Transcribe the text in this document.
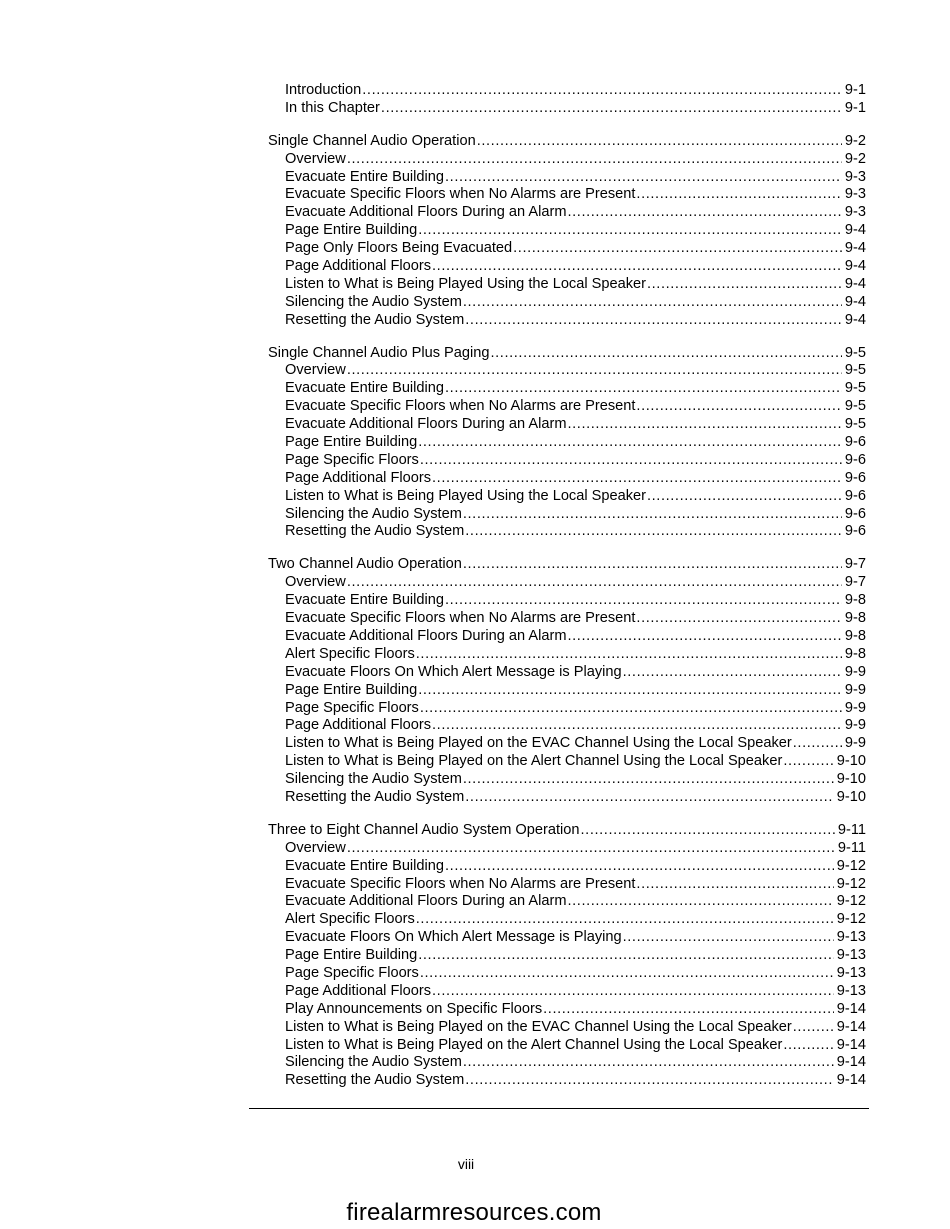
Introduction .....	9-1
In this Chapter .....	9-1
Single Channel Audio Operation .....	9-2
Overview .....	9-2
Evacuate Entire Building .....	9-3
Evacuate Specific Floors when No Alarms are Present .....	9-3
Evacuate Additional Floors During an Alarm .....	9-3
Page Entire Building .....	9-4
Page Only Floors Being Evacuated .....	9-4
Page Additional Floors .....	9-4
Listen to What is Being Played Using the Local Speaker .....	9-4
Silencing the Audio System .....	9-4
Resetting the Audio System .....	9-4
Single Channel Audio Plus Paging .....	9-5
Overview .....	9-5
Evacuate Entire Building .....	9-5
Evacuate Specific Floors when No Alarms are Present .....	9-5
Evacuate Additional Floors During an Alarm .....	9-5
Page Entire Building .....	9-6
Page Specific Floors .....	9-6
Page Additional Floors .....	9-6
Listen to What is Being Played Using the Local Speaker .....	9-6
Silencing the Audio System .....	9-6
Resetting the Audio System .....	9-6
Two Channel Audio Operation .....	9-7
Overview .....	9-7
Evacuate Entire Building .....	9-8
Evacuate Specific Floors when No Alarms are Present .....	9-8
Evacuate Additional Floors During an Alarm .....	9-8
Alert Specific Floors .....	9-8
Evacuate Floors On Which Alert Message is Playing .....	9-9
Page Entire Building .....	9-9
Page Specific Floors .....	9-9
Page Additional Floors .....	9-9
Listen to What is Being Played on the EVAC Channel Using the Local Speaker .....	9-9
Listen to What is Being Played on the Alert Channel Using the Local Speaker .....	9-10
Silencing the Audio System .....	9-10
Resetting the Audio System .....	9-10
Three to Eight Channel Audio System Operation .....	9-11
Overview .....	9-11
Evacuate Entire Building .....	9-12
Evacuate Specific Floors when No Alarms are Present .....	9-12
Evacuate Additional Floors During an Alarm .....	9-12
Alert Specific Floors .....	9-12
Evacuate Floors On Which Alert Message is Playing .....	9-13
Page Entire Building .....	9-13
Page Specific Floors .....	9-13
Page Additional Floors .....	9-13
Play Announcements on Specific Floors .....	9-14
Listen to What is Being Played on the EVAC Channel Using the Local Speaker .....	9-14
Listen to What is Being Played on the Alert Channel Using the Local Speaker .....	9-14
Silencing the Audio System .....	9-14
Resetting the Audio System .....	9-14
viii
firealarmresources.com
